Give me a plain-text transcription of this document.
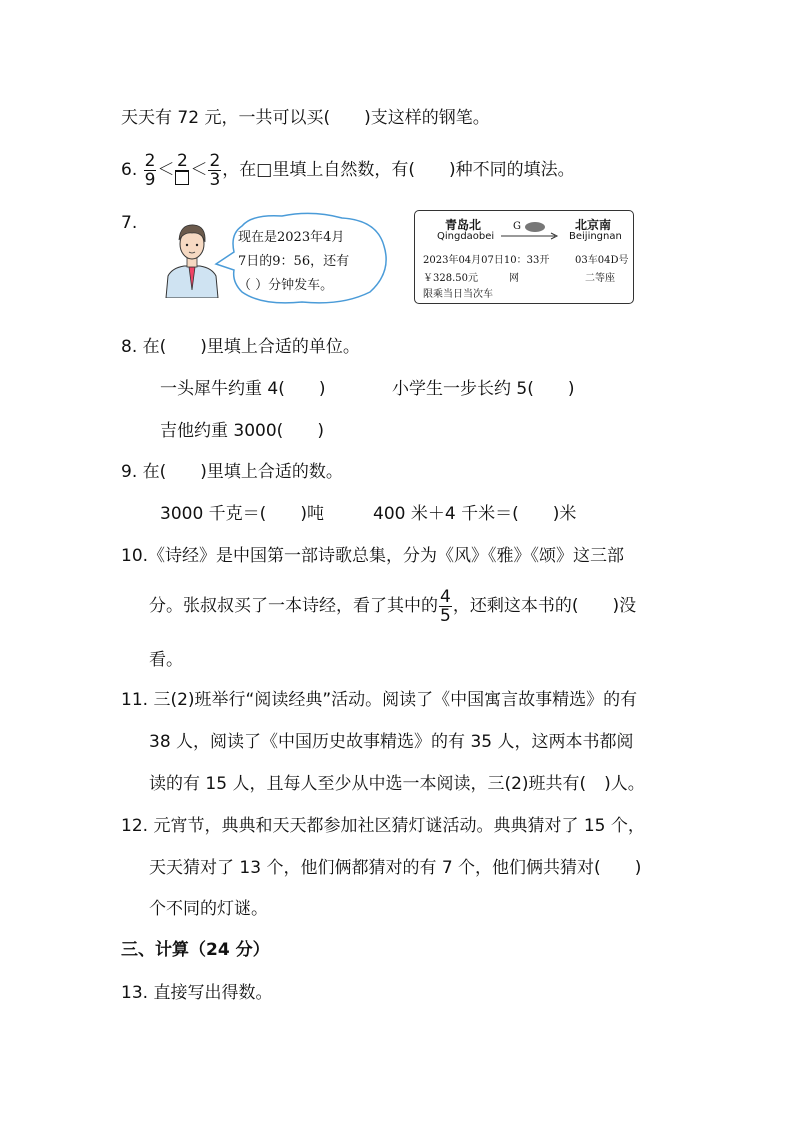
天天有 72 元，一共可以买( )支这样的钢笔。
6. $\frac{2}{9} < 2 < \frac{2}{3}$ ，在□里填上自然数，有( )种不同的填法。
7.
现在是2023年4月
7日的9：56，还有
（ ）分钟发车。
青岛北
Qingdaobei
G	北京南
Beijingnan
2023年04月07日10：33开	03车04D号
￥328.50元	网	二等座
限乘当日当次车
8. 在( )里填上合适的单位。
一头犀牛约重 4( )	小学生一步长约 5( )
吉他约重 3000( )
9. 在( )里填上合适的数。
3000 千克＝( )吨	400 米＋4 千米＝( )米
10.《诗经》是中国第一部诗歌总集，分为《风》《雅》《颂》这三部
分。张叔叔买了一本诗经，看了其中的 $\frac{4}{5}$ ，还剩这本书的( )没
看。
11. 三(2)班举行“阅读经典”活动。阅读了《中国寓言故事精选》的有
38 人，阅读了《中国历史故事精选》的有 35 人，这两本书都阅
读的有 15 人，且每人至少从中选一本阅读，三(2)班共有( )人。
12. 元宵节，典典和天天都参加社区猜灯谜活动。典典猜对了 15 个，
天天猜对了 13 个，他们俩都猜对的有 7 个，他们俩共猜对( )
个不同的灯谜。
三、计算（24 分）
13. 直接写出得数。
